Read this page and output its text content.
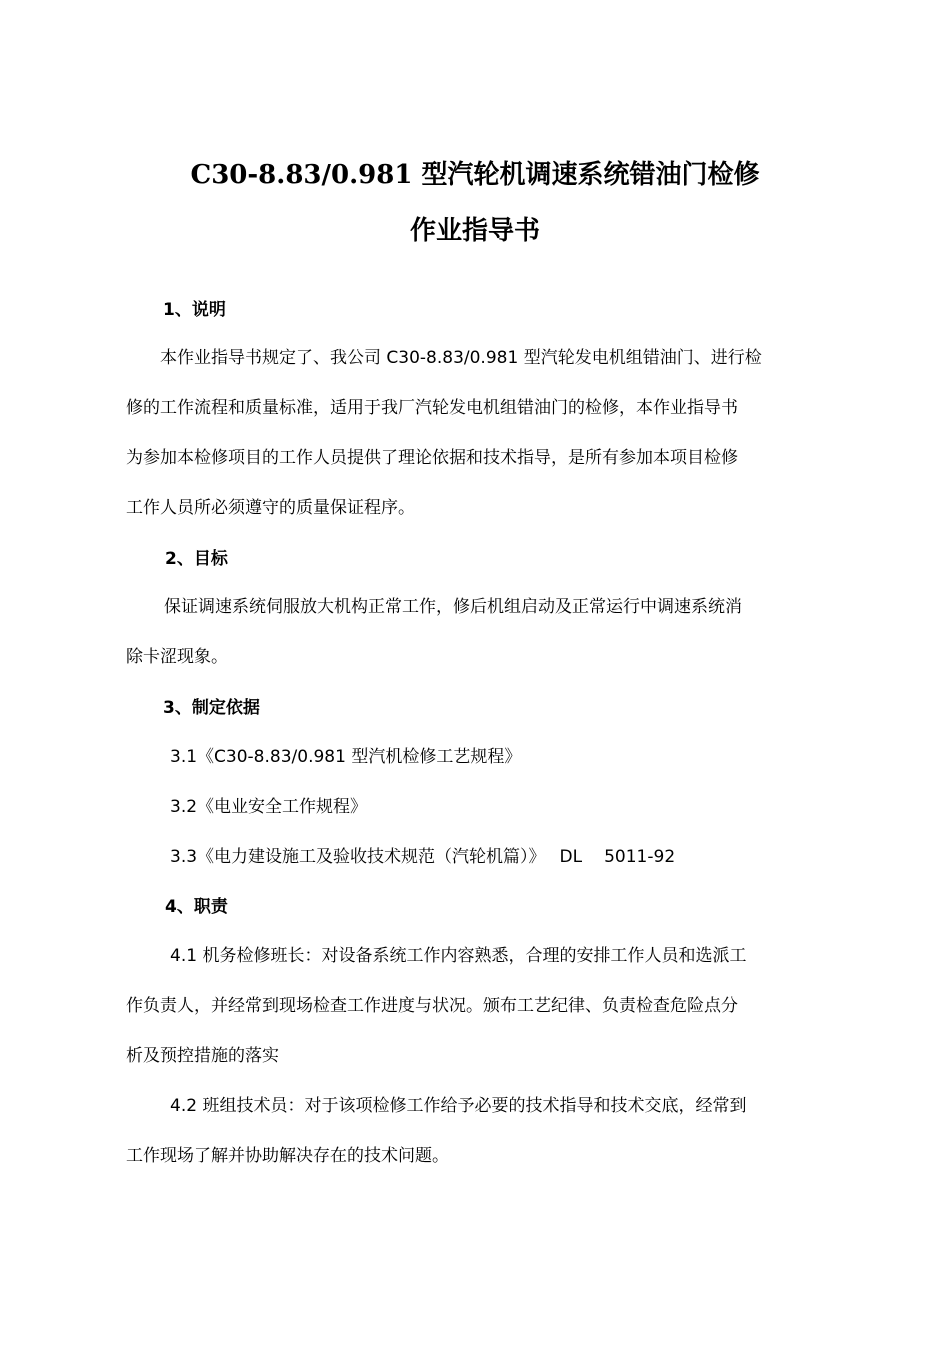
C30-8.83/0.981 型汽轮机调速系统错油门检修
作业指导书
1、说明
本作业指导书规定了、我公司 C30-8.83/0.981 型汽轮发电机组错油门、进行检
修的工作流程和质量标准，适用于我厂汽轮发电机组错油门的检修，本作业指导书
为参加本检修项目的工作人员提供了理论依据和技术指导，是所有参加本项目检修
工作人员所必须遵守的质量保证程序。
2、目标
保证调速系统伺服放大机构正常工作，修后机组启动及正常运行中调速系统消
除卡涩现象。
3、制定依据

3.1《C30-8.83/0.981 型汽机检修工艺规程》

3.2《电业安全工作规程》

3.3《电力建设施工及验收技术规范（汽轮机篇）》 DL 5011-92

4、职责
4.1 机务检修班长：对设备系统工作内容熟悉，合理的安排工作人员和选派工
作负责人，并经常到现场检查工作进度与状况。颁布工艺纪律、负责检查危险点分
析及预控措施的落实
4.2 班组技术员：对于该项检修工作给予必要的技术指导和技术交底，经常到
工作现场了解并协助解决存在的技术问题。
